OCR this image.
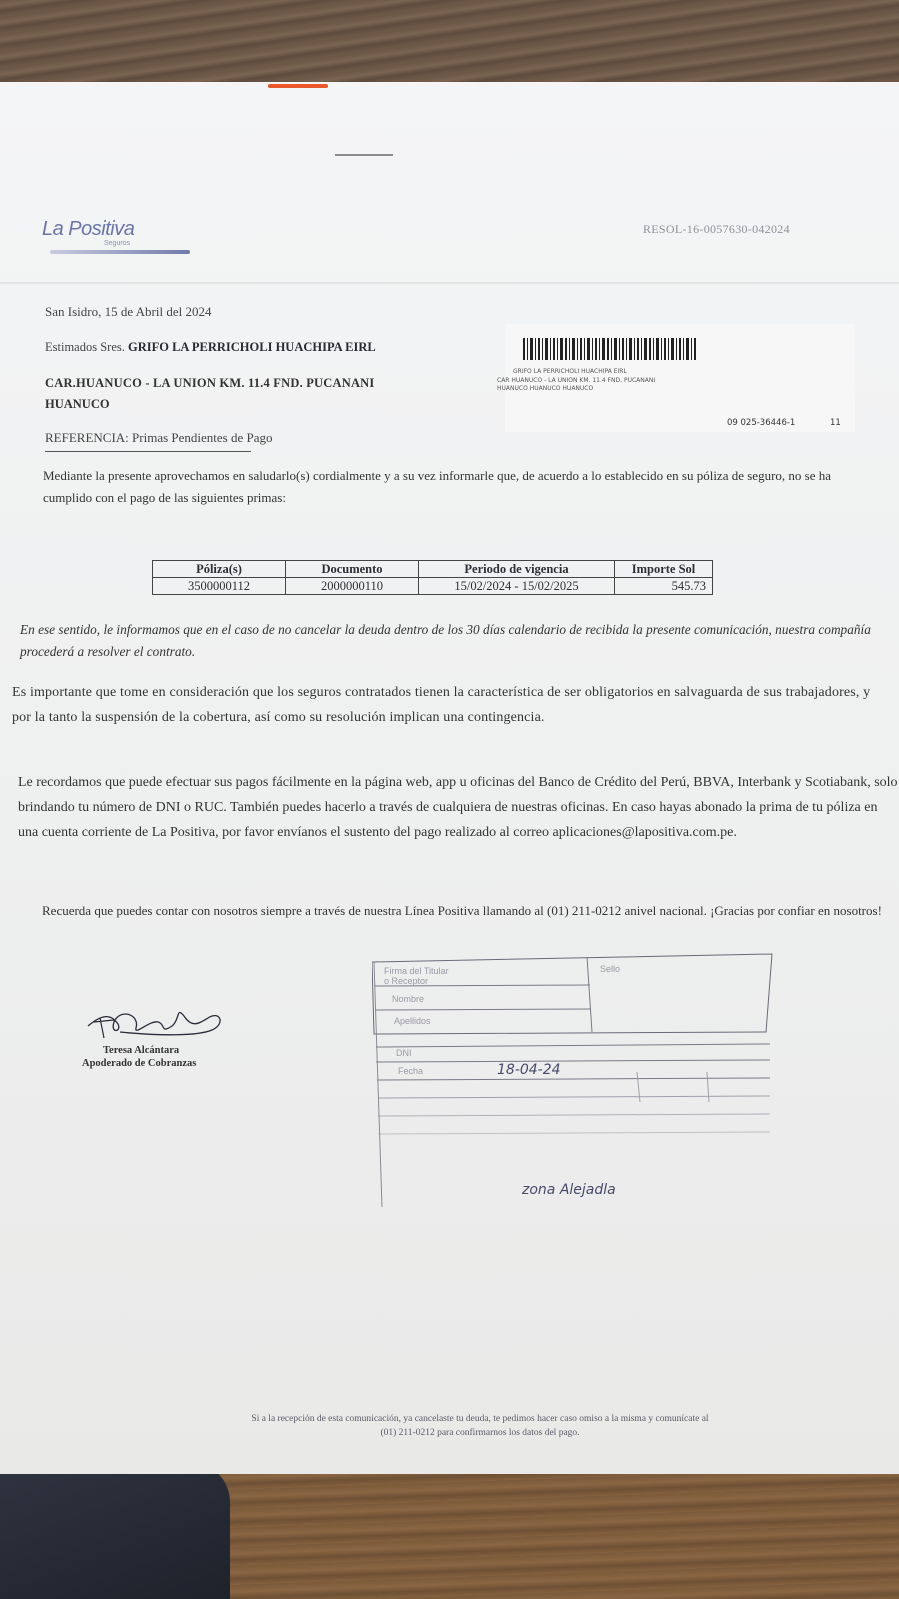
La Positiva
Seguros
RESOL-16-0057630-042024
San Isidro, 15 de Abril del 2024
Estimados Sres. GRIFO LA PERRICHOLI HUACHIPA EIRL
CAR.HUANUCO - LA UNION KM. 11.4 FND. PUCANANI
HUANUCO
REFERENCIA: Primas Pendientes de Pago
GRIFO LA PERRICHOLI HUACHIPA EIRL
CAR HUANUCO - LA UNION KM. 11.4 FND. PUCANANI
HUANUCO HUANUCO HUANUCO
09 025-36446-1	11
Mediante la presente aprovechamos en saludarlo(s) cordialmente y a su vez informarle que, de acuerdo a lo establecido en su póliza de seguro, no se ha cumplido con el pago de las siguientes primas:
Póliza(s)	Documento	Periodo de vigencia	Importe Sol
3500000112	2000000110	15/02/2024 - 15/02/2025	545.73
En ese sentido, le informamos que en el caso de no cancelar la deuda dentro de los 30 días calendario de recibida la presente comunicación, nuestra compañía procederá a resolver el contrato.
Es importante que tome en consideración que los seguros contratados tienen la característica de ser obligatorios en salvaguarda de sus trabajadores, y por la tanto la suspensión de la cobertura, así como su resolución implican una contingencia.
Le recordamos que puede efectuar sus pagos fácilmente en la página web, app u oficinas del Banco de Crédito del Perú, BBVA, Interbank y Scotiabank, solo brindando tu número de DNI o RUC. También puedes hacerlo a través de cualquiera de nuestras oficinas. En caso hayas abonado la prima de tu póliza en una cuenta corriente de La Positiva, por favor envíanos el sustento del pago realizado al correo aplicaciones@lapositiva.com.pe.
Recuerda que puedes contar con nosotros siempre a través de nuestra Línea Positiva llamando al (01) 211-0212 anivel nacional. ¡Gracias por confiar en nosotros!
Teresa Alcántara
Apoderado de Cobranzas
Firma del Titular
o Receptor
Sello
Nombre
Apellidos
DNI
Fecha	18-04-24
zona Alejadla
Si a la recepción de esta comunicación, ya cancelaste tu deuda, te pedimos hacer caso omiso a la misma y comunícate al
(01) 211-0212 para confirmarnos los datos del pago.
